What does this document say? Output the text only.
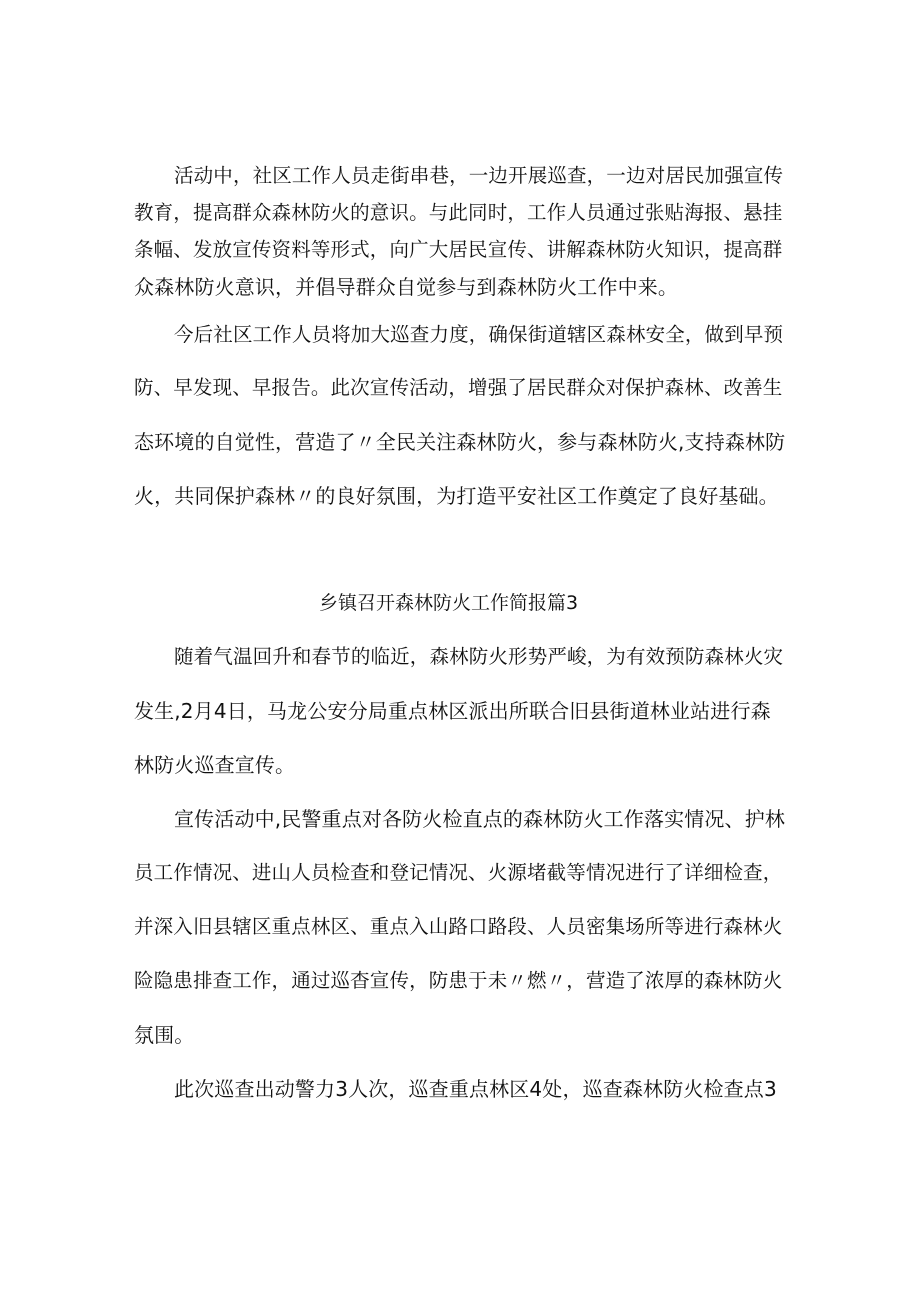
活动中，社区工作人员走街串巷，一边开展巡查，一边对居民加强宣传
教育，提高群众森林防火的意识。与此同时，工作人员通过张贴海报、悬挂
条幅、发放宣传资料等形式，向广大居民宣传、讲解森林防火知识，提高群
众森林防火意识，并倡导群众自觉参与到森林防火工作中来。
今后社区工作人员将加大巡查力度，确保街道辖区森林安全，做到早预
防、早发现、早报告。此次宣传活动，增强了居民群众对保护森林、改善生
态环境的自觉性，营造了〃全民关注森林防火，参与森林防火,支持森林防
火，共同保护森林〃的良好氛围，为打造平安社区工作奠定了良好基础。
乡镇召开森林防火工作简报篇3
随着气温回升和春节的临近，森林防火形势严峻，为有效预防森林火灾
发生,2月4日，马龙公安分局重点林区派出所联合旧县街道林业站进行森
林防火巡查宣传。
宣传活动中,民警重点对各防火检直点的森林防火工作落实情况、护林
员工作情况、进山人员检查和登记情况、火源堵截等情况进行了详细检查，
并深入旧县辖区重点林区、重点入山路口路段、人员密集场所等进行森林火
险隐患排查工作，通过巡杳宣传，防患于未〃燃〃，营造了浓厚的森林防火
氛围。
此次巡查出动警力3人次，巡查重点林区4处，巡查森林防火检查点3
